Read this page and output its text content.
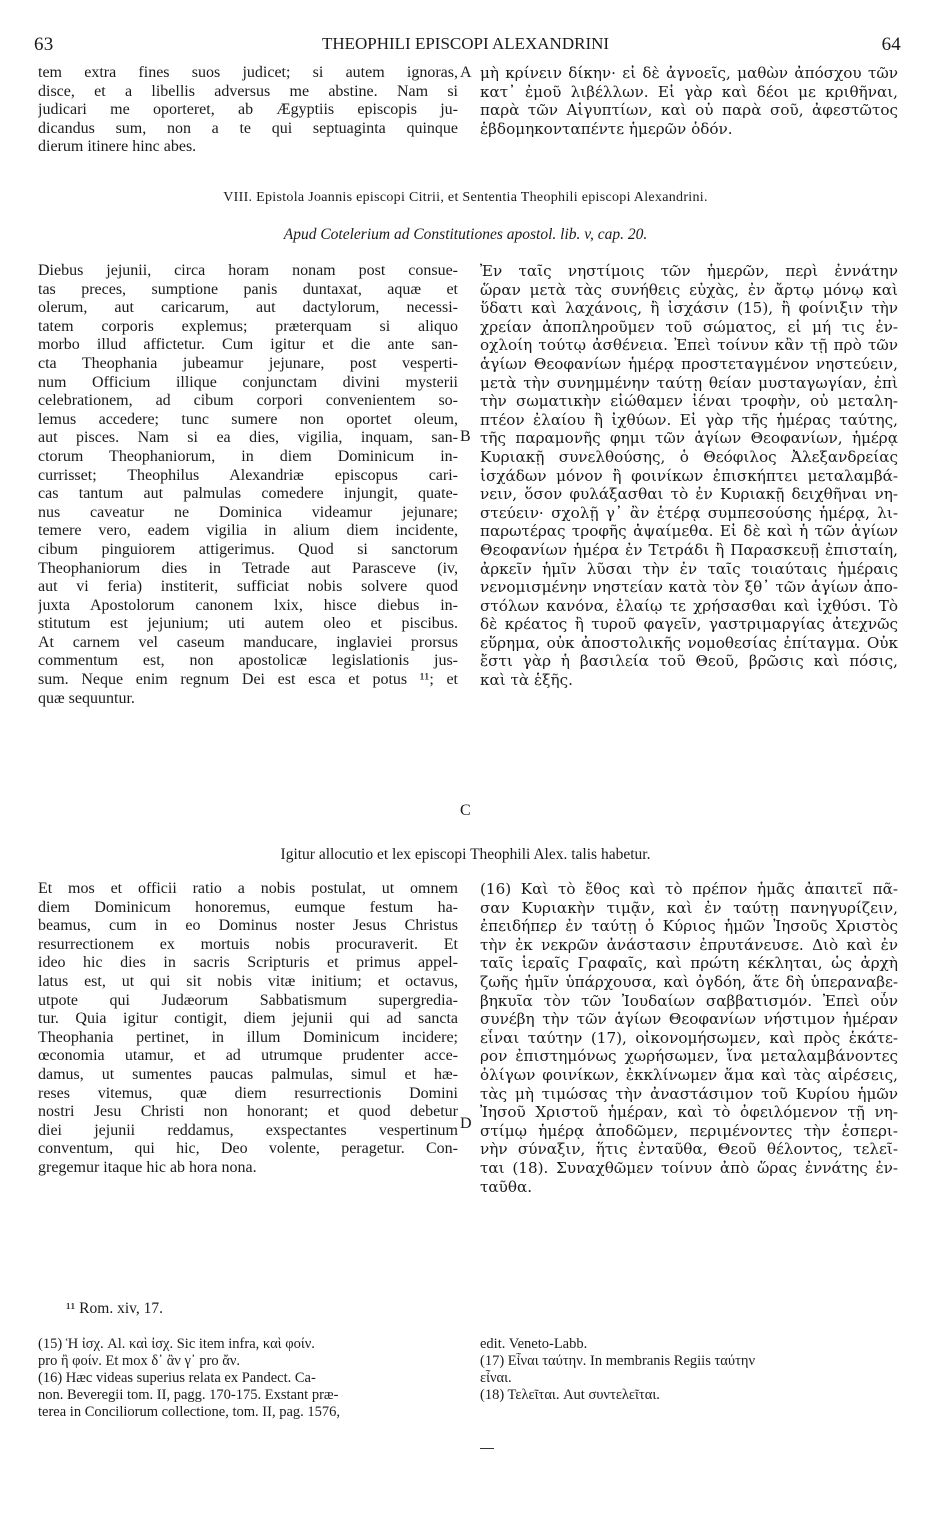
63	THEOPHILI EPISCOPI ALEXANDRINI	64
tem extra fines suos judicet; si autem ignoras,
disce, et a libellis adversus me abstine. Nam si
judicari me oporteret, ab Ægyptiis episcopis ju-
dicandus sum, non a te qui septuaginta quinque
dierum itinere hinc abes.
A μὴ κρίνειν δίκην· εἰ δὲ ἀγνοεῖς, μαθὼν ἀπόσχου τῶν
κατ᾽ ἐμοῦ λιβέλλων. Εἰ γὰρ καὶ δέοι με κριθῆναι,
παρὰ τῶν Αἰγυπτίων, καὶ οὐ παρὰ σοῦ, ἀφεστῶτος
ἑβδομηκονταπέντε ἡμερῶν ὁδόν.
VIII. Epistola Joannis episcopi Citrii, et Sententia Theophili episcopi Alexandrini.
Apud Cotelerium ad Constitutiones apostol. lib. v, cap. 20.
Diebus jejunii, circa horam nonam post consue-
tas preces, sumptione panis duntaxat, aquæ et
olerum, aut caricarum, aut dactylorum, necessi-
tatem corporis explemus; præterquam si aliquo
morbo illud affictetur. Cum igitur et die ante san-
cta Theophania jubeamur jejunare, post vesperti-
num Officium illique conjunctam divini mysterii
celebrationem, ad cibum corpori convenientem so-
lemus accedere; tunc sumere non oportet oleum,
aut pisces. Nam si ea dies, vigilia, inquam, san-
ctorum Theophaniorum, in diem Dominicum in-
currisset; Theophilus Alexandriæ episcopus cari-
cas tantum aut palmulas comedere injungit, quate-
nus caveatur ne Dominica videamur jejunare;
temere vero, eadem vigilia in alium diem incidente,
cibum pinguiorem attigerimus. Quod si sanctorum
Theophaniorum dies in Tetrade aut Parasceve (iv,
aut vi feria) institerit, sufficiat nobis solvere quod
juxta Apostolorum canonem lxix, hisce diebus in-
stitutum est jejunium; uti autem oleo et piscibus.
At carnem vel caseum manducare, inglaviei prorsus
commentum est, non apostolicæ legislationis jus-
sum. Neque enim regnum Dei est esca et potus ¹¹; et
quæ sequuntur.
B
C
Ἐν ταῖς νηστίμοις τῶν ἡμερῶν, περὶ ἐννάτην
ὥραν μετὰ τὰς συνήθεις εὐχὰς, ἐν ἄρτῳ μόνῳ καὶ
ὕδατι καὶ λαχάνοις, ἢ ἰσχάσιν (15), ἢ φοίνιξιν τὴν
χρείαν ἀποπληροῦμεν τοῦ σώματος, εἰ μή τις ἐν-
οχλοίη τούτῳ ἀσθένεια. Ἐπεὶ τοίνυν κἂν τῇ πρὸ τῶν
ἁγίων Θεοφανίων ἡμέρᾳ προστεταγμένον νηστεύειν,
μετὰ τὴν συνημμένην ταύτῃ θείαν μυσταγωγίαν, ἐπὶ
τὴν σωματικὴν εἰώθαμεν ἰέναι τροφὴν, οὐ μεταλη-
πτέον ἐλαίου ἢ ἰχθύων. Εἰ γὰρ τῆς ἡμέρας ταύτης,
τῆς παραμονῆς φημι τῶν ἁγίων Θεοφανίων, ἡμέρᾳ
Κυριακῇ συνελθούσης, ὁ Θεόφιλος Ἀλεξανδρείας
ἰσχάδων μόνον ἢ φοινίκων ἐπισκήπτει μεταλαμβά-
νειν, ὅσον φυλάξασθαι τὸ ἐν Κυριακῇ δειχθῆναι νη-
στεύειν· σχολῇ γ᾽ ἂν ἑτέρᾳ συμπεσούσης ἡμέρᾳ, λι-
παρωτέρας τροφῆς ἁψαίμεθα. Εἰ δὲ καὶ ἡ τῶν ἁγίων
Θεοφανίων ἡμέρα ἐν Τετράδι ἢ Παρασκευῇ ἐπισταίη,
ἀρκεῖν ἡμῖν λῦσαι τὴν ἐν ταῖς τοιαύταις ἡμέραις
νενομισμένην νηστείαν κατὰ τὸν ξθ᾽ τῶν ἁγίων ἀπο-
στόλων κανόνα, ἐλαίῳ τε χρήσασθαι καὶ ἰχθύσι. Τὸ
δὲ κρέατος ἢ τυροῦ φαγεῖν, γαστριμαργίας ἀτεχνῶς
εὕρημα, οὐκ ἀποστολικῆς νομοθεσίας ἐπίταγμα. Οὐκ
ἔστι γὰρ ἡ βασιλεία τοῦ Θεοῦ, βρῶσις καὶ πόσις,
καὶ τὰ ἑξῆς.
Igitur allocutio et lex episcopi Theophili Alex. talis habetur.
Et mos et officii ratio a nobis postulat, ut omnem
diem Dominicum honoremus, eumque festum ha-
beamus, cum in eo Dominus noster Jesus Christus
resurrectionem ex mortuis nobis procuraverit. Et
ideo hic dies in sacris Scripturis et primus appel-
latus est, ut qui sit nobis vitæ initium; et octavus,
utpote qui Judæorum Sabbatismum supergredia-
tur. Quia igitur contigit, diem jejunii qui ad sancta
Theophania pertinet, in illum Dominicum incidere;
œconomia utamur, et ad utrumque prudenter acce-
damus, ut sumentes paucas palmulas, simul et hæ-
reses vitemus, quæ diem resurrectionis Domini
nostri Jesu Christi non honorant; et quod debetur
diei jejunii reddamus, exspectantes vespertinum
conventum, qui hic, Deo volente, peragetur. Con-
gregemur itaque hic ab hora nona.
D
(16) Καὶ τὸ ἔθος καὶ τὸ πρέπον ἡμᾶς ἀπαιτεῖ πᾶ-
σαν Κυριακὴν τιμᾷν, καὶ ἐν ταύτῃ πανηγυρίζειν,
ἐπειδήπερ ἐν ταύτῃ ὁ Κύριος ἡμῶν Ἰησοῦς Χριστὸς
τὴν ἐκ νεκρῶν ἀνάστασιν ἐπρυτάνευσε. Διὸ καὶ ἐν
ταῖς ἱεραῖς Γραφαῖς, καὶ πρώτη κέκληται, ὡς ἀρχὴ
ζωῆς ἡμῖν ὑπάρχουσα, καὶ ὀγδόη, ἅτε δὴ ὑπεραναβε-
βηκυῖα τὸν τῶν Ἰουδαίων σαββατισμόν. Ἐπεὶ οὖν
συνέβη τὴν τῶν ἁγίων Θεοφανίων νήστιμον ἡμέραν
εἶναι ταύτην (17), οἰκονομήσωμεν, καὶ πρὸς ἑκάτε-
ρον ἐπιστημόνως χωρήσωμεν, ἵνα μεταλαμβάνοντες
ὀλίγων φοινίκων, ἐκκλίνωμεν ἅμα καὶ τὰς αἱρέσεις,
τὰς μὴ τιμώσας τὴν ἀναστάσιμον τοῦ Κυρίου ἡμῶν
Ἰησοῦ Χριστοῦ ἡμέραν, καὶ τὸ ὀφειλόμενον τῇ νη-
στίμῳ ἡμέρᾳ ἀποδῶμεν, περιμένοντες τὴν ἑσπερι-
νὴν σύναξιν, ἥτις ἐνταῦθα, Θεοῦ θέλοντος, τελεῖ-
ται (18). Συναχθῶμεν τοίνυν ἀπὸ ὥρας ἐννάτης ἐν-
ταῦθα.
¹¹ Rom. xiv, 17.
(15) Ἡ ἰσχ. Al. καὶ ἰσχ. Sic item infra, καὶ φοίν.
pro ἢ φοίν. Et mox δ᾽ ἂν γ᾽ pro ἄν.
(16) Hæc videas superius relata ex Pandect. Ca-
non. Beveregii tom. II, pagg. 170-175. Exstant præ-
terea in Conciliorum collectione, tom. II, pag. 1576,
edit. Veneto-Labb.
(17) Εἶναι ταύτην. In membranis Regiis ταύτην
εἶναι.
(18) Τελεῖται. Aut συντελεῖται.
